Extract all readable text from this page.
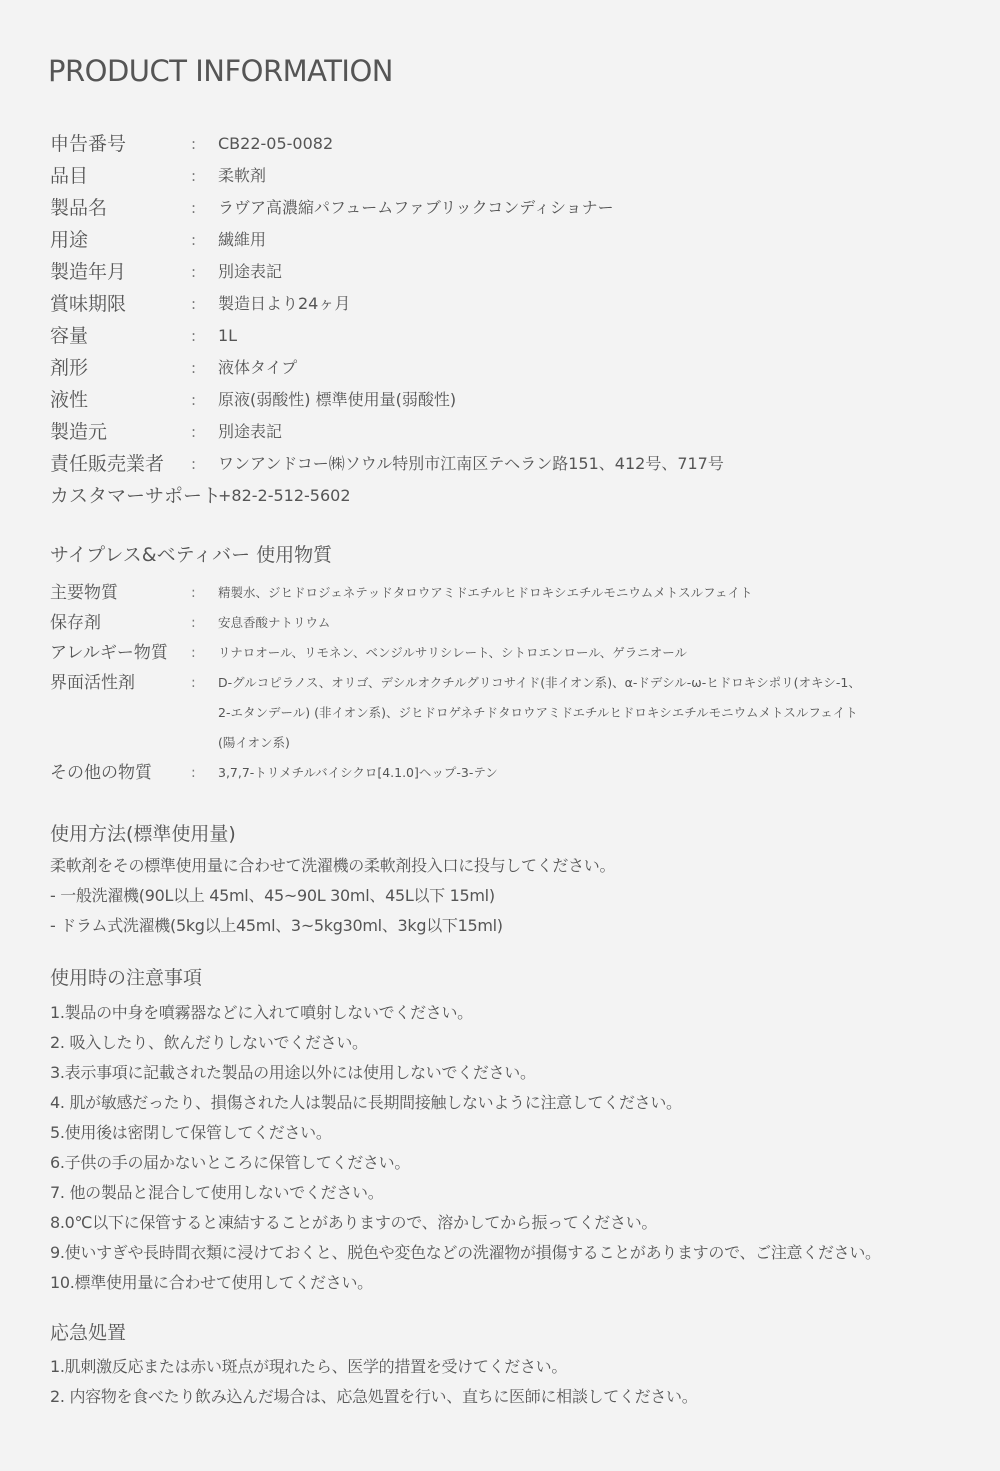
PRODUCT INFORMATION
申告番号	: CB22-05-0082
品目	: 柔軟剤
製品名	: ラヴア高濃縮パフュームファブリックコンディショナー
用途	: 繊維用
製造年月	: 別途表記
賞味期限	: 製造日より24ヶ月
容量	: 1L
剤形	: 液体タイプ
液性	: 原液(弱酸性) 標準使用量(弱酸性)
製造元	: 別途表記
責任販売業者 : ワンアンドコー㈱ソウル特別市江南区テヘラン路151、412号、717号
カスタマーサポート
+82-2-512-5602
サイプレス&ベティバー 使用物質
主要物質	: 精製水、ジヒドロジェネテッドタロウアミドエチルヒドロキシエチルモニウムメトスルフェイト
保存剤	: 安息香酸ナトリウム
アレルギー物質 : リナロオール、リモネン、ベンジルサリシレート、シトロエンロール、ゲラニオール
界面活性剤	: D-グルコピラノス、オリゴ、デシルオクチルグリコサイド(非イオン系)、α-ドデシル-ω-ヒドロキシポリ(オキシ-1、
2-エタンデール) (非イオン系)、ジヒドロゲネチドタロウアミドエチルヒドロキシエチルモニウムメトスルフェイト
(陽イオン系)
その他の物質	: 3,7,7-トリメチルバイシクロ[4.1.0]ヘップ-3-テン
使用方法(標準使用量)
柔軟剤をその標準使用量に合わせて洗濯機の柔軟剤投入口に投与してください。
- 一般洗濯機(90L以上 45ml、45~90L 30ml、45L以下 15ml)
- ドラム式洗濯機(5kg以上45ml、3~5kg30ml、3kg以下15ml)
使用時の注意事項
1.製品の中身を噴霧器などに入れて噴射しないでください。
2. 吸入したり、飲んだりしないでください。
3.表示事項に記載された製品の用途以外には使用しないでください。
4. 肌が敏感だったり、損傷された人は製品に長期間接触しないように注意してください。
5.使用後は密閉して保管してください。
6.子供の手の届かないところに保管してください。
7. 他の製品と混合して使用しないでください。
8.0℃以下に保管すると凍結することがありますので、溶かしてから振ってください。
9.使いすぎや長時間衣類に浸けておくと、脱色や変色などの洗濯物が損傷することがありますので、ご注意ください。
10.標準使用量に合わせて使用してください。
応急処置
1.肌刺激反応または赤い斑点が現れたら、医学的措置を受けてください。
2. 内容物を食べたり飲み込んだ場合は、応急処置を行い、直ちに医師に相談してください。
